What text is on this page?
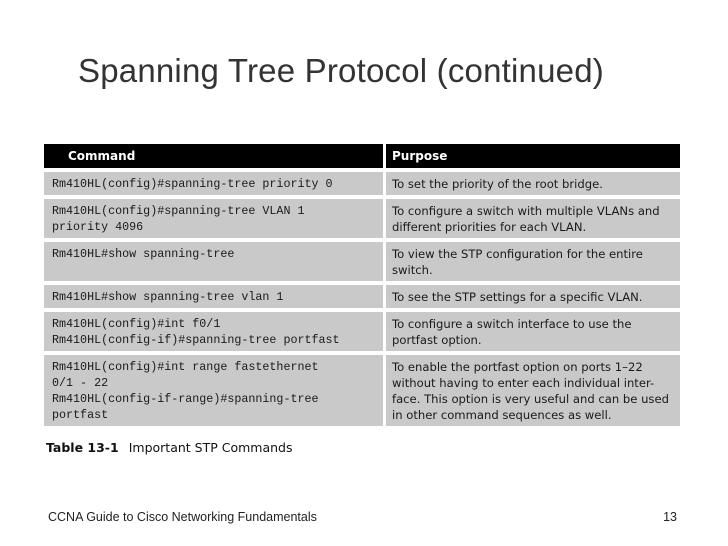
Spanning Tree Protocol (continued)
Command	Purpose

Rm410HL(config)#spanning-tree priority 0	To set the priority of the root bridge.

Rm410HL(config)#spanning-tree VLAN 1
priority 4096	To configure a switch with multiple VLANs and
different priorities for each VLAN.

Rm410HL#show spanning-tree	To view the STP configuration for the entire
switch.

Rm410HL#show spanning-tree vlan 1	To see the STP settings for a specific VLAN.

Rm410HL(config)#int f0/1
Rm410HL(config-if)#spanning-tree portfast	To configure a switch interface to use the
portfast option.

Rm410HL(config)#int range fastethernet
0/1 - 22
Rm410HL(config-if-range)#spanning-tree
portfast	To enable the portfast option on ports 1–22
without having to enter each individual inter-
face. This option is very useful and can be used
in other command sequences as well.
Table 13-1 Important STP Commands
CCNA Guide to Cisco Networking Fundamentals	13
